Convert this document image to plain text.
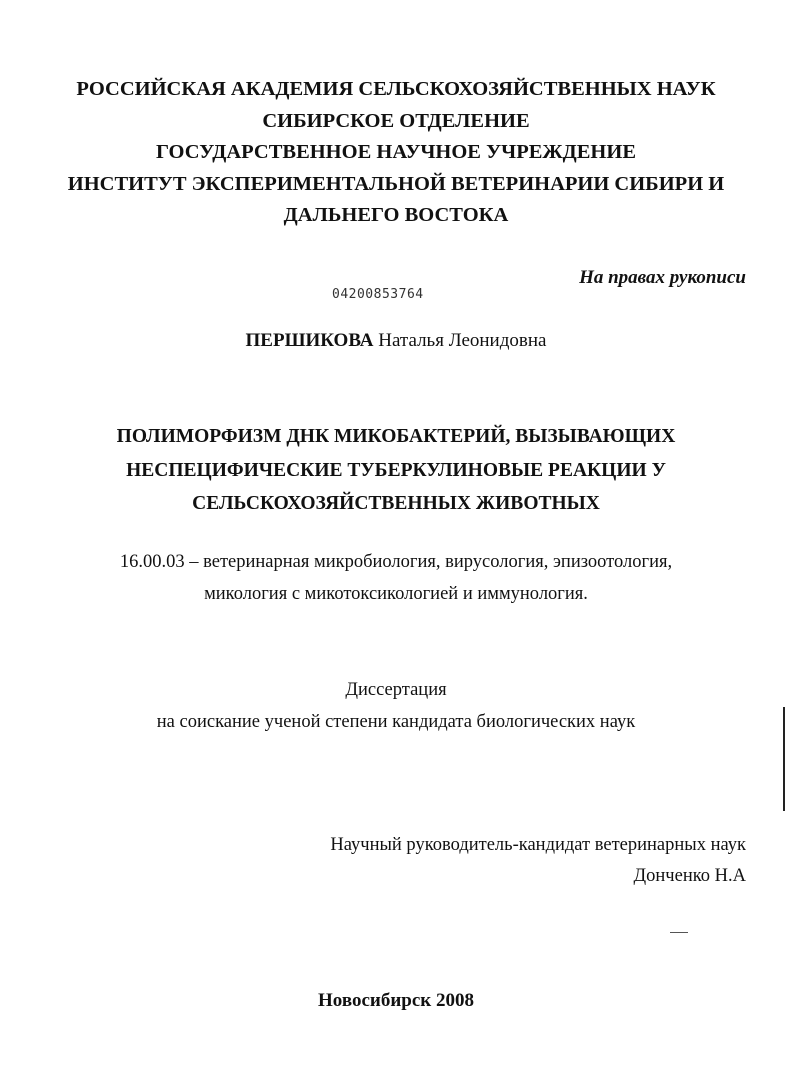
РОССИЙСКАЯ АКАДЕМИЯ СЕЛЬСКОХОЗЯЙСТВЕННЫХ НАУК
СИБИРСКОЕ ОТДЕЛЕНИЕ
ГОСУДАРСТВЕННОЕ НАУЧНОЕ УЧРЕЖДЕНИЕ
ИНСТИТУТ ЭКСПЕРИМЕНТАЛЬНОЙ ВЕТЕРИНАРИИ СИБИРИ И
ДАЛЬНЕГО ВОСТОКА
На правах рукописи
04200853764
ПЕРШИКОВА Наталья Леонидовна
ПОЛИМОРФИЗМ ДНК МИКОБАКТЕРИЙ, ВЫЗЫВАЮЩИХ
НЕСПЕЦИФИЧЕСКИЕ ТУБЕРКУЛИНОВЫЕ РЕАКЦИИ У
СЕЛЬСКОХОЗЯЙСТВЕННЫХ ЖИВОТНЫХ
16.00.03 – ветеринарная микробиология, вирусология, эпизоотология,
микология с микотоксикологией и иммунология.
Диссертация
на соискание ученой степени кандидата биологических наук
Научный руководитель-кандидат ветеринарных наук
Донченко Н.А
Новосибирск 2008
